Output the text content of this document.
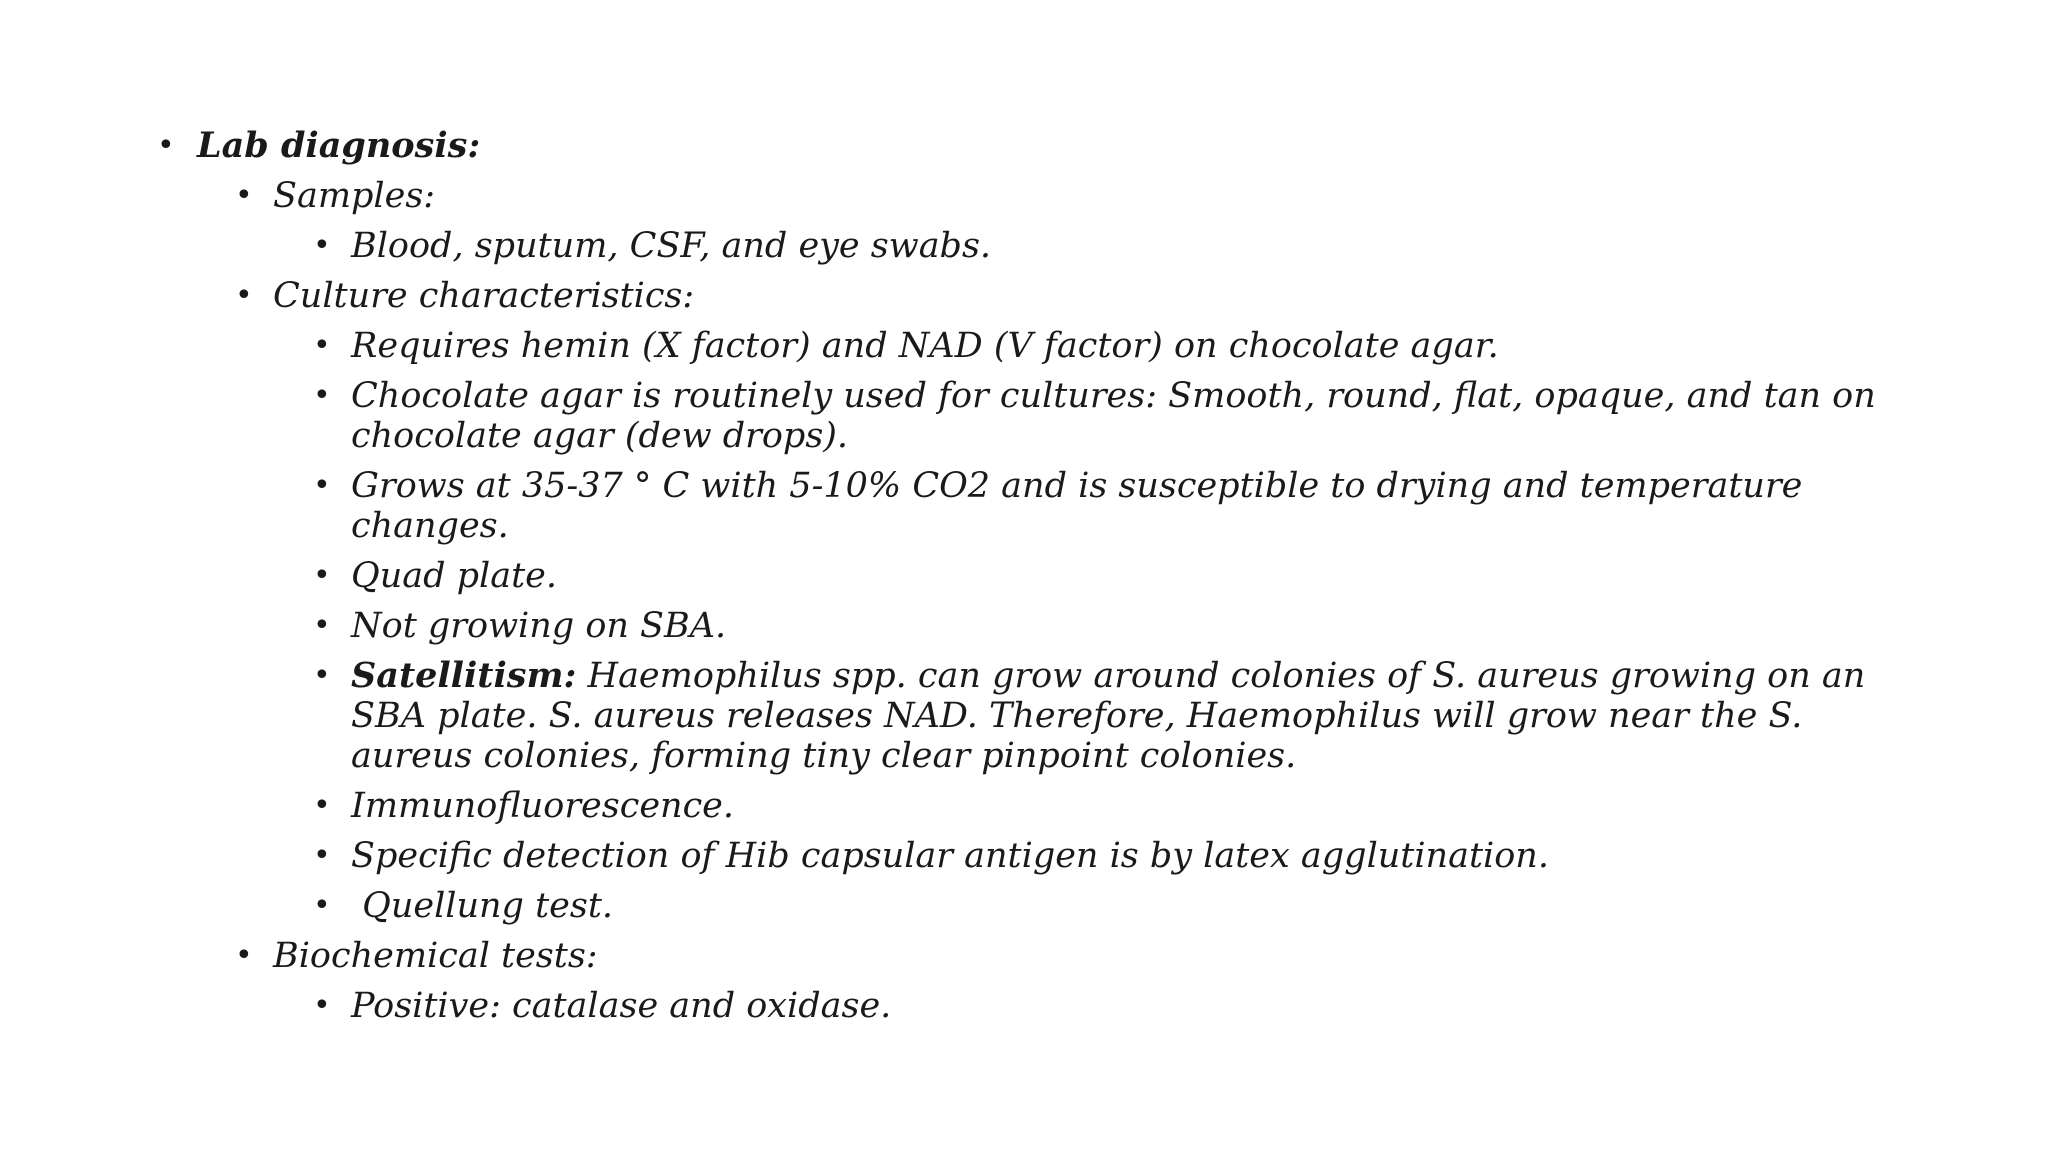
• Lab diagnosis:
• Samples:
• Blood, sputum, CSF, and eye swabs.
• Culture characteristics:
• Requires hemin (X factor) and NAD (V factor) on chocolate agar.
• Chocolate agar is routinely used for cultures: Smooth, round, flat, opaque, and tan on
chocolate agar (dew drops).
• Grows at 35-37 ° C with 5-10% CO2 and is susceptible to drying and temperature
changes.
• Quad plate.
• Not growing on SBA.
• Satellitism: Haemophilus spp. can grow around colonies of S. aureus growing on an
SBA plate. S. aureus releases NAD. Therefore, Haemophilus will grow near the S.
aureus colonies, forming tiny clear pinpoint colonies.
• Immunofluorescence.
• Specific detection of Hib capsular antigen is by latex agglutination.
• Quellung test.
• Biochemical tests:
• Positive: catalase and oxidase.
